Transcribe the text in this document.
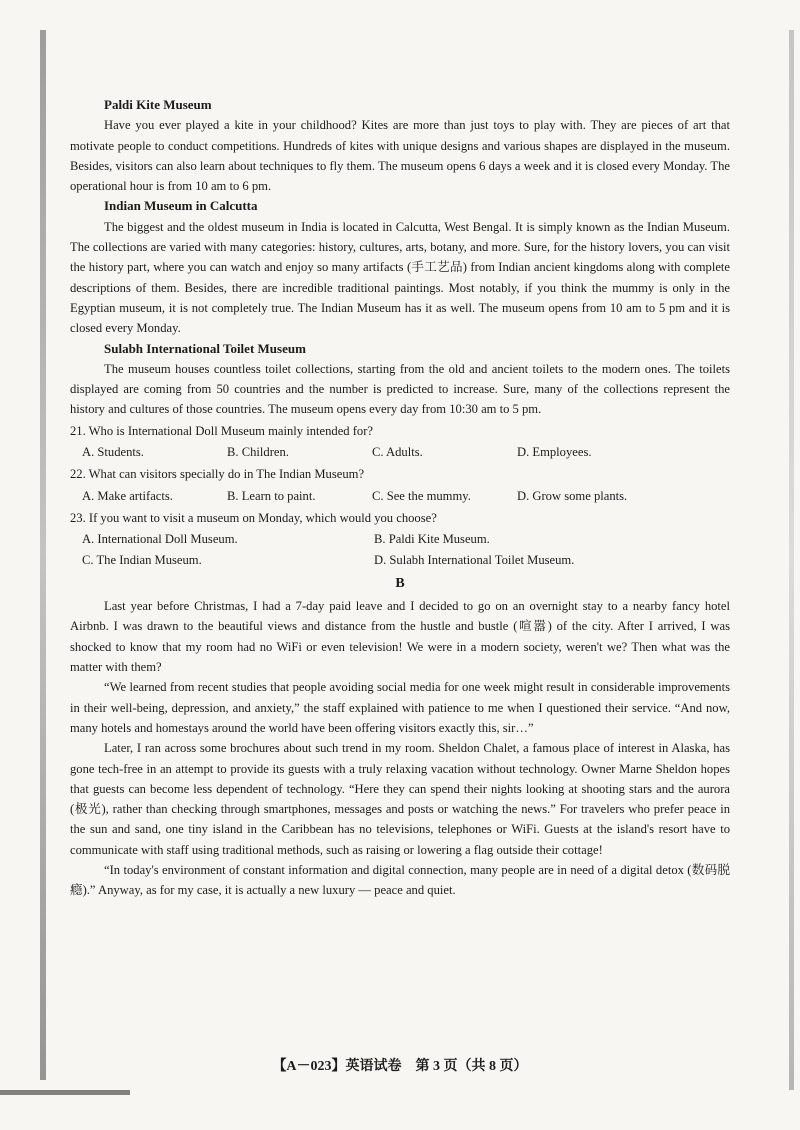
Paldi Kite Museum

Have you ever played a kite in your childhood? Kites are more than just toys to play with. They are pieces of art that motivate people to conduct competitions. Hundreds of kites with unique designs and various shapes are displayed in the museum. Besides, visitors can also learn about techniques to fly them. The museum opens 6 days a week and it is closed every Monday. The operational hour is from 10 am to 6 pm.

Indian Museum in Calcutta

The biggest and the oldest museum in India is located in Calcutta, West Bengal. It is simply known as the Indian Museum. The collections are varied with many categories: history, cultures, arts, botany, and more. Sure, for the history lovers, you can visit the history part, where you can watch and enjoy so many artifacts (手工艺品) from Indian ancient kingdoms along with complete descriptions of them. Besides, there are incredible traditional paintings. Most notably, if you think the mummy is only in the Egyptian museum, it is not completely true. The Indian Museum has it as well. The museum opens from 10 am to 5 pm and it is closed every Monday.

Sulabh International Toilet Museum

The museum houses countless toilet collections, starting from the old and ancient toilets to the modern ones. The toilets displayed are coming from 50 countries and the number is predicted to increase. Sure, many of the collections represent the history and cultures of those countries. The museum opens every day from 10:30 am to 5 pm.

21. Who is International Doll Museum mainly intended for?

A. Students.	B. Children.	C. Adults.	D. Employees.

22. What can visitors specially do in The Indian Museum?

A. Make artifacts.	B. Learn to paint.	C. See the mummy.	D. Grow some plants.

23. If you want to visit a museum on Monday, which would you choose?

A. International Doll Museum.	B. Paldi Kite Museum.
C. The Indian Museum.	D. Sulabh International Toilet Museum.

B

Last year before Christmas, I had a 7-day paid leave and I decided to go on an overnight stay to a nearby fancy hotel Airbnb. I was drawn to the beautiful views and distance from the hustle and bustle (喧嚣) of the city. After I arrived, I was shocked to know that my room had no WiFi or even television! We were in a modern society, weren't we? Then what was the matter with them?

“We learned from recent studies that people avoiding social media for one week might result in considerable improvements in their well-being, depression, and anxiety,” the staff explained with patience to me when I questioned their service. “And now, many hotels and homestays around the world have been offering visitors exactly this, sir…”

Later, I ran across some brochures about such trend in my room. Sheldon Chalet, a famous place of interest in Alaska, has gone tech-free in an attempt to provide its guests with a truly relaxing vacation without technology. Owner Marne Sheldon hopes that guests can become less dependent of technology. “Here they can spend their nights looking at shooting stars and the aurora (极光), rather than checking through smartphones, messages and posts or watching the news.” For travelers who prefer peace in the sun and sand, one tiny island in the Caribbean has no televisions, telephones or WiFi. Guests at the island's resort have to communicate with staff using traditional methods, such as raising or lowering a flag outside their cottage!

“In today's environment of constant information and digital connection, many people are in need of a digital detox (数码脱瘾).” Anyway, as for my case, it is actually a new luxury — peace and quiet.

【A－023】英语试卷　第 3 页（共 8 页）
